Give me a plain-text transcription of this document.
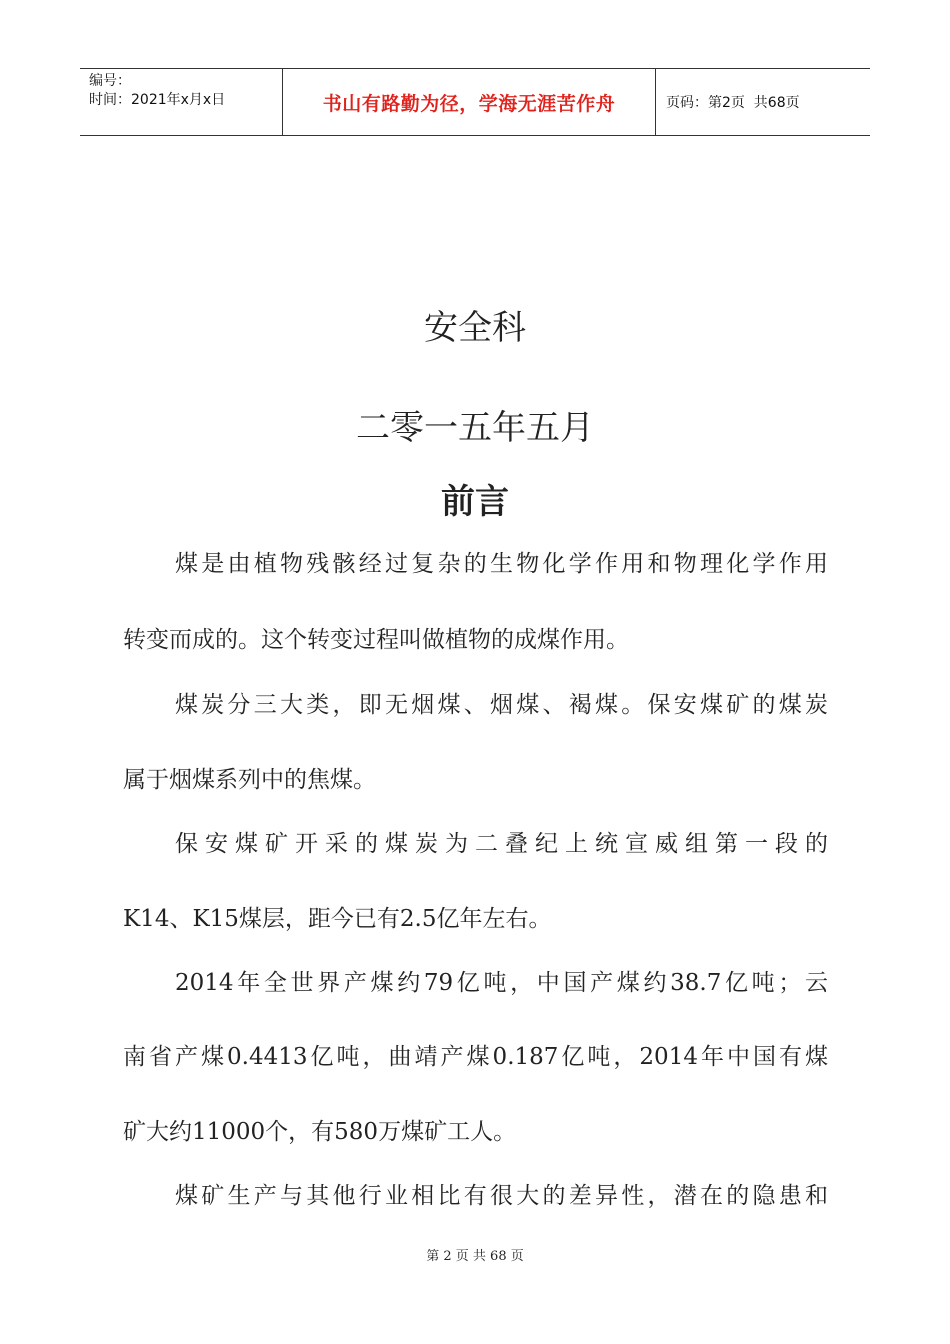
编号：
时间：2021年x月x日	书山有路勤为径，学海无涯苦作舟	页码：第2页  共68页
安全科
二零一五年五月
前言
煤是由植物残骸经过复杂的生物化学作用和物理化学作用
转变而成的。这个转变过程叫做植物的成煤作用。
煤炭分三大类，即无烟煤、烟煤、褐煤。保安煤矿的煤炭
属于烟煤系列中的焦煤。
保安煤矿开采的煤炭为二叠纪上统宣威组第一段的
K14、K15煤层，距今已有2.5亿年左右。
2014年全世界产煤约79亿吨，中国产煤约38.7亿吨；云
南省产煤0.4413亿吨，曲靖产煤0.187亿吨，2014年中国有煤
矿大约11000个，有580万煤矿工人。
煤矿生产与其他行业相比有很大的差异性，潜在的隐患和
第 2 页 共 68 页
